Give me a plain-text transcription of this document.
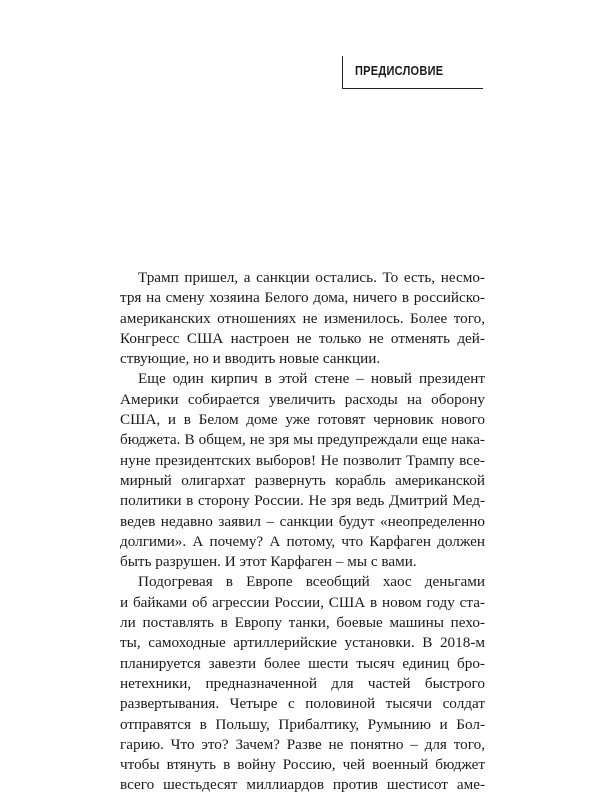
ПРЕДИСЛОВИЕ
Трамп пришел, а санкции остались. То есть, несмо-
тря на смену хозяина Белого дома, ничего в российско-
американских отношениях не изменилось. Более того,
Конгресс США настроен не только не отменять дей-
ствующие, но и вводить новые санкции.
Еще один кирпич в этой стене – новый президент
Америки собирается увеличить расходы на оборону
США, и в Белом доме уже готовят черновик нового
бюджета. В общем, не зря мы предупреждали еще нака-
нуне президентских выборов! Не позволит Трампу все-
мирный олигархат развернуть корабль американской
политики в сторону России. Не зря ведь Дмитрий Мед-
ведев недавно заявил – санкции будут «неопределенно
долгими». А почему? А потому, что Карфаген должен
быть разрушен. И этот Карфаген – мы с вами.
Подогревая в Европе всеобщий хаос деньгами
и байками об агрессии России, США в новом году ста-
ли поставлять в Европу танки, боевые машины пехо-
ты, самоходные артиллерийские установки. В 2018-м
планируется завезти более шести тысяч единиц бро-
нетехники, предназначенной для частей быстрого
развертывания. Четыре с половиной тысячи солдат
отправятся в Польшу, Прибалтику, Румынию и Бол-
гарию. Что это? Зачем? Разве не понятно – для того,
чтобы втянуть в войну Россию, чей военный бюджет
всего шестьдесят миллиардов против шестисот аме-
